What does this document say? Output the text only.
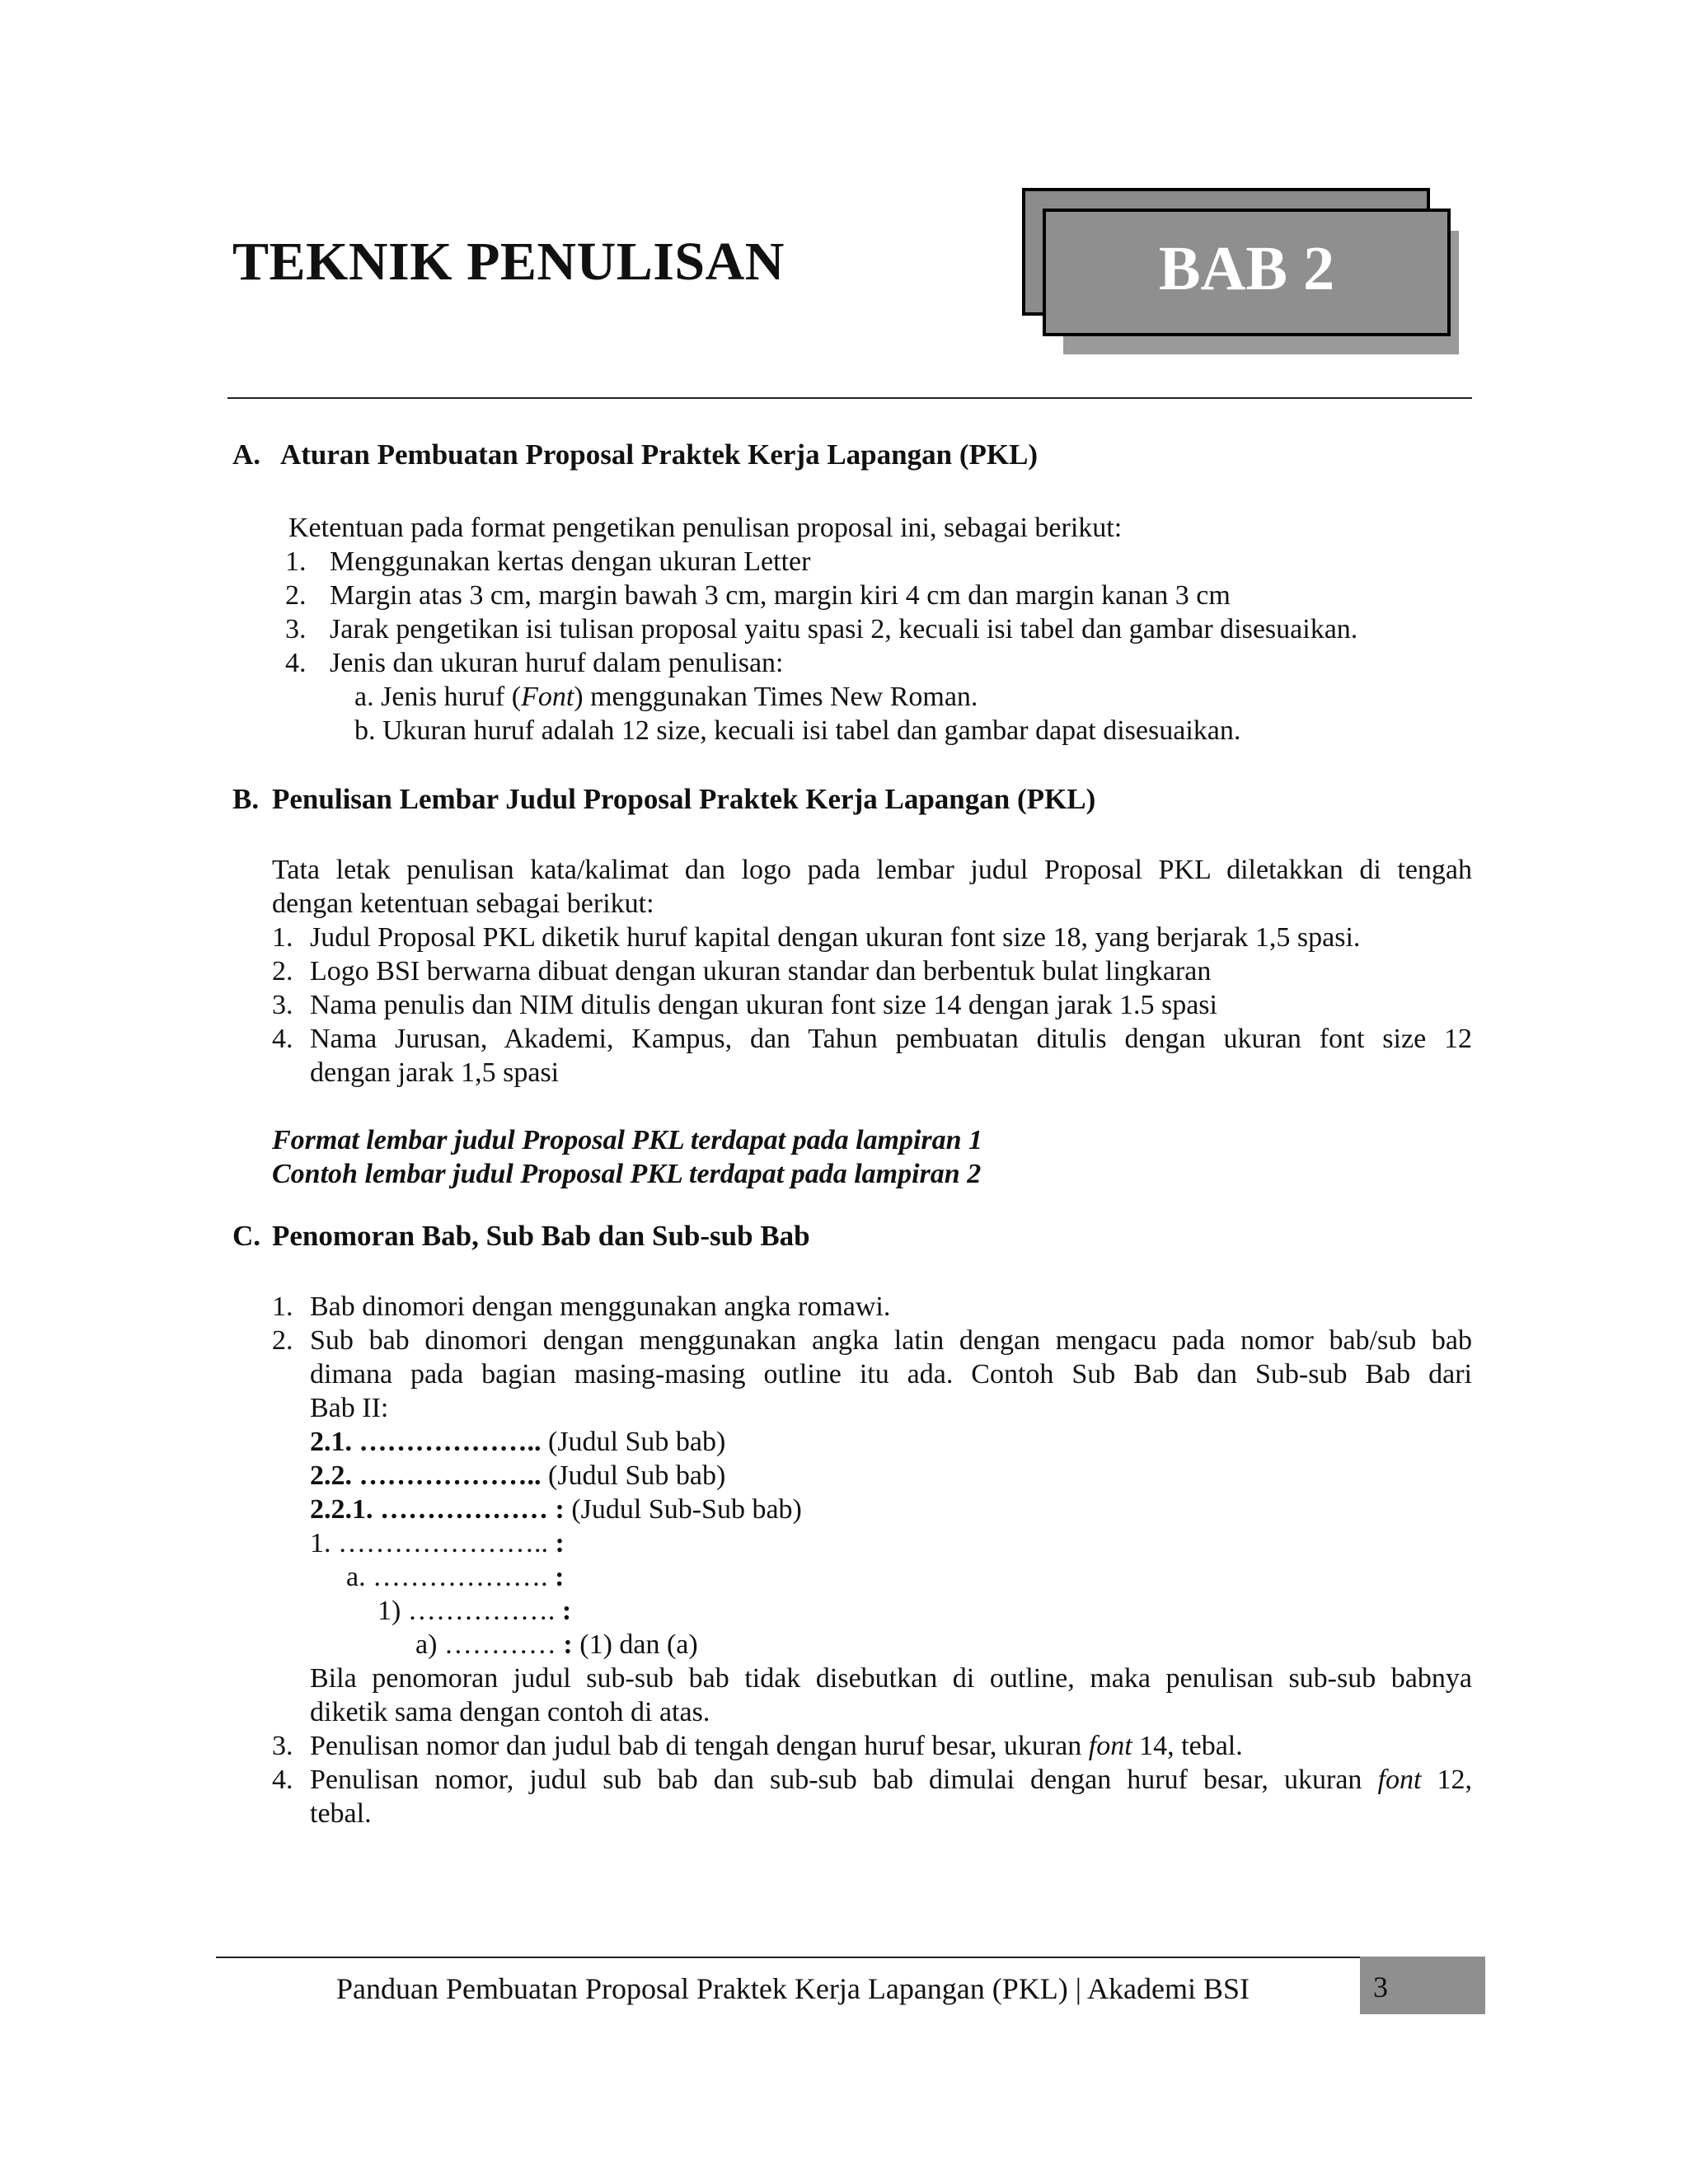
TEKNIK PENULISAN	BAB 2
A. Aturan Pembuatan Proposal Praktek Kerja Lapangan (PKL)
Ketentuan pada format pengetikan penulisan proposal ini, sebagai berikut:
1. Menggunakan kertas dengan ukuran Letter
2. Margin atas 3 cm, margin bawah 3 cm, margin kiri 4 cm dan margin kanan 3 cm
3. Jarak pengetikan isi tulisan proposal yaitu spasi 2, kecuali isi tabel dan gambar disesuaikan.
4. Jenis dan ukuran huruf dalam penulisan:
a. Jenis huruf (Font) menggunakan Times New Roman.
b. Ukuran huruf adalah 12 size, kecuali isi tabel dan gambar dapat disesuaikan.
B. Penulisan Lembar Judul Proposal Praktek Kerja Lapangan (PKL)
Tata letak penulisan kata/kalimat dan logo pada lembar judul Proposal PKL diletakkan di tengah
dengan ketentuan sebagai berikut:
1. Judul Proposal PKL diketik huruf kapital dengan ukuran font size 18, yang berjarak 1,5 spasi.
2. Logo BSI berwarna dibuat dengan ukuran standar dan berbentuk bulat lingkaran
3. Nama penulis dan NIM ditulis dengan ukuran font size 14 dengan jarak 1.5 spasi
4. Nama Jurusan, Akademi, Kampus, dan Tahun pembuatan ditulis dengan ukuran font size 12
dengan jarak 1,5 spasi
Format lembar judul Proposal PKL terdapat pada lampiran 1
Contoh lembar judul Proposal PKL terdapat pada lampiran 2
C. Penomoran Bab, Sub Bab dan Sub-sub Bab
1. Bab dinomori dengan menggunakan angka romawi.
2. Sub bab dinomori dengan menggunakan angka latin dengan mengacu pada nomor bab/sub bab
dimana pada bagian masing-masing outline itu ada. Contoh Sub Bab dan Sub-sub Bab dari
Bab II:
2.1. ……………….. (Judul Sub bab)
2.2. ……………….. (Judul Sub bab)
2.2.1. ……………… : (Judul Sub-Sub bab)
1. ………………….. :
a. ………………. :
1) ……………. :
a) ………… : (1) dan (a)
Bila penomoran judul sub-sub bab tidak disebutkan di outline, maka penulisan sub-sub babnya
diketik sama dengan contoh di atas.
3. Penulisan nomor dan judul bab di tengah dengan huruf besar, ukuran font 14, tebal.
4. Penulisan nomor, judul sub bab dan sub-sub bab dimulai dengan huruf besar, ukuran font 12,
tebal.
Panduan Pembuatan Proposal Praktek Kerja Lapangan (PKL) | Akademi BSI	3
